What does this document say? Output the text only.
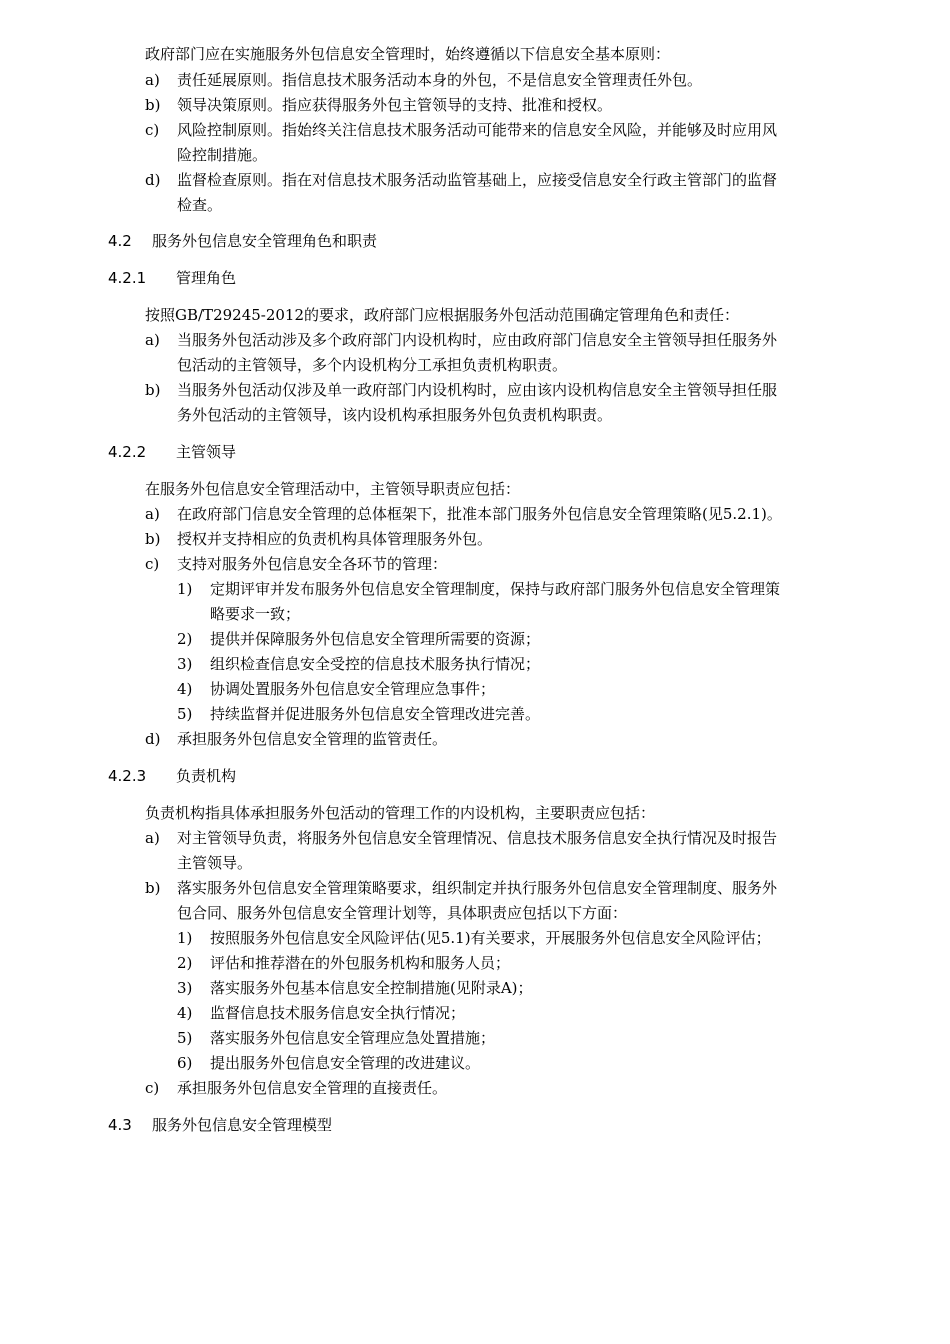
政府部门应在实施服务外包信息安全管理时，始终遵循以下信息安全基本原则：
a) 责任延展原则。指信息技术服务活动本身的外包，不是信息安全管理责任外包。
b) 领导决策原则。指应获得服务外包主管领导的支持、批准和授权。
c) 风险控制原则。指始终关注信息技术服务活动可能带来的信息安全风险，并能够及时应用风
险控制措施。
d) 监督检查原则。指在对信息技术服务活动监管基础上，应接受信息安全行政主管部门的监督
检查。
4.2 服务外包信息安全管理角色和职责
4.2.1 管理角色
按照GB/T29245-2012的要求，政府部门应根据服务外包活动范围确定管理角色和责任：
a) 当服务外包活动涉及多个政府部门内设机构时，应由政府部门信息安全主管领导担任服务外
包活动的主管领导，多个内设机构分工承担负责机构职责。
b) 当服务外包活动仅涉及单一政府部门内设机构时，应由该内设机构信息安全主管领导担任服
务外包活动的主管领导，该内设机构承担服务外包负责机构职责。
4.2.2 主管领导
在服务外包信息安全管理活动中，主管领导职责应包括：
a) 在政府部门信息安全管理的总体框架下，批准本部门服务外包信息安全管理策略(见5.2.1)。
b) 授权并支持相应的负责机构具体管理服务外包。
c) 支持对服务外包信息安全各环节的管理：
1) 定期评审并发布服务外包信息安全管理制度，保持与政府部门服务外包信息安全管理策
略要求一致；
2) 提供并保障服务外包信息安全管理所需要的资源；
3) 组织检查信息安全受控的信息技术服务执行情况；
4) 协调处置服务外包信息安全管理应急事件；
5) 持续监督并促进服务外包信息安全管理改进完善。
d) 承担服务外包信息安全管理的监管责任。
4.2.3 负责机构
负责机构指具体承担服务外包活动的管理工作的内设机构，主要职责应包括：
a) 对主管领导负责，将服务外包信息安全管理情况、信息技术服务信息安全执行情况及时报告
主管领导。
b) 落实服务外包信息安全管理策略要求，组织制定并执行服务外包信息安全管理制度、服务外
包合同、服务外包信息安全管理计划等，具体职责应包括以下方面：
1) 按照服务外包信息安全风险评估(见5.1)有关要求，开展服务外包信息安全风险评估；
2) 评估和推荐潜在的外包服务机构和服务人员；
3) 落实服务外包基本信息安全控制措施(见附录A)；
4) 监督信息技术服务信息安全执行情况；
5) 落实服务外包信息安全管理应急处置措施；
6) 提出服务外包信息安全管理的改进建议。
c) 承担服务外包信息安全管理的直接责任。
4.3 服务外包信息安全管理模型
